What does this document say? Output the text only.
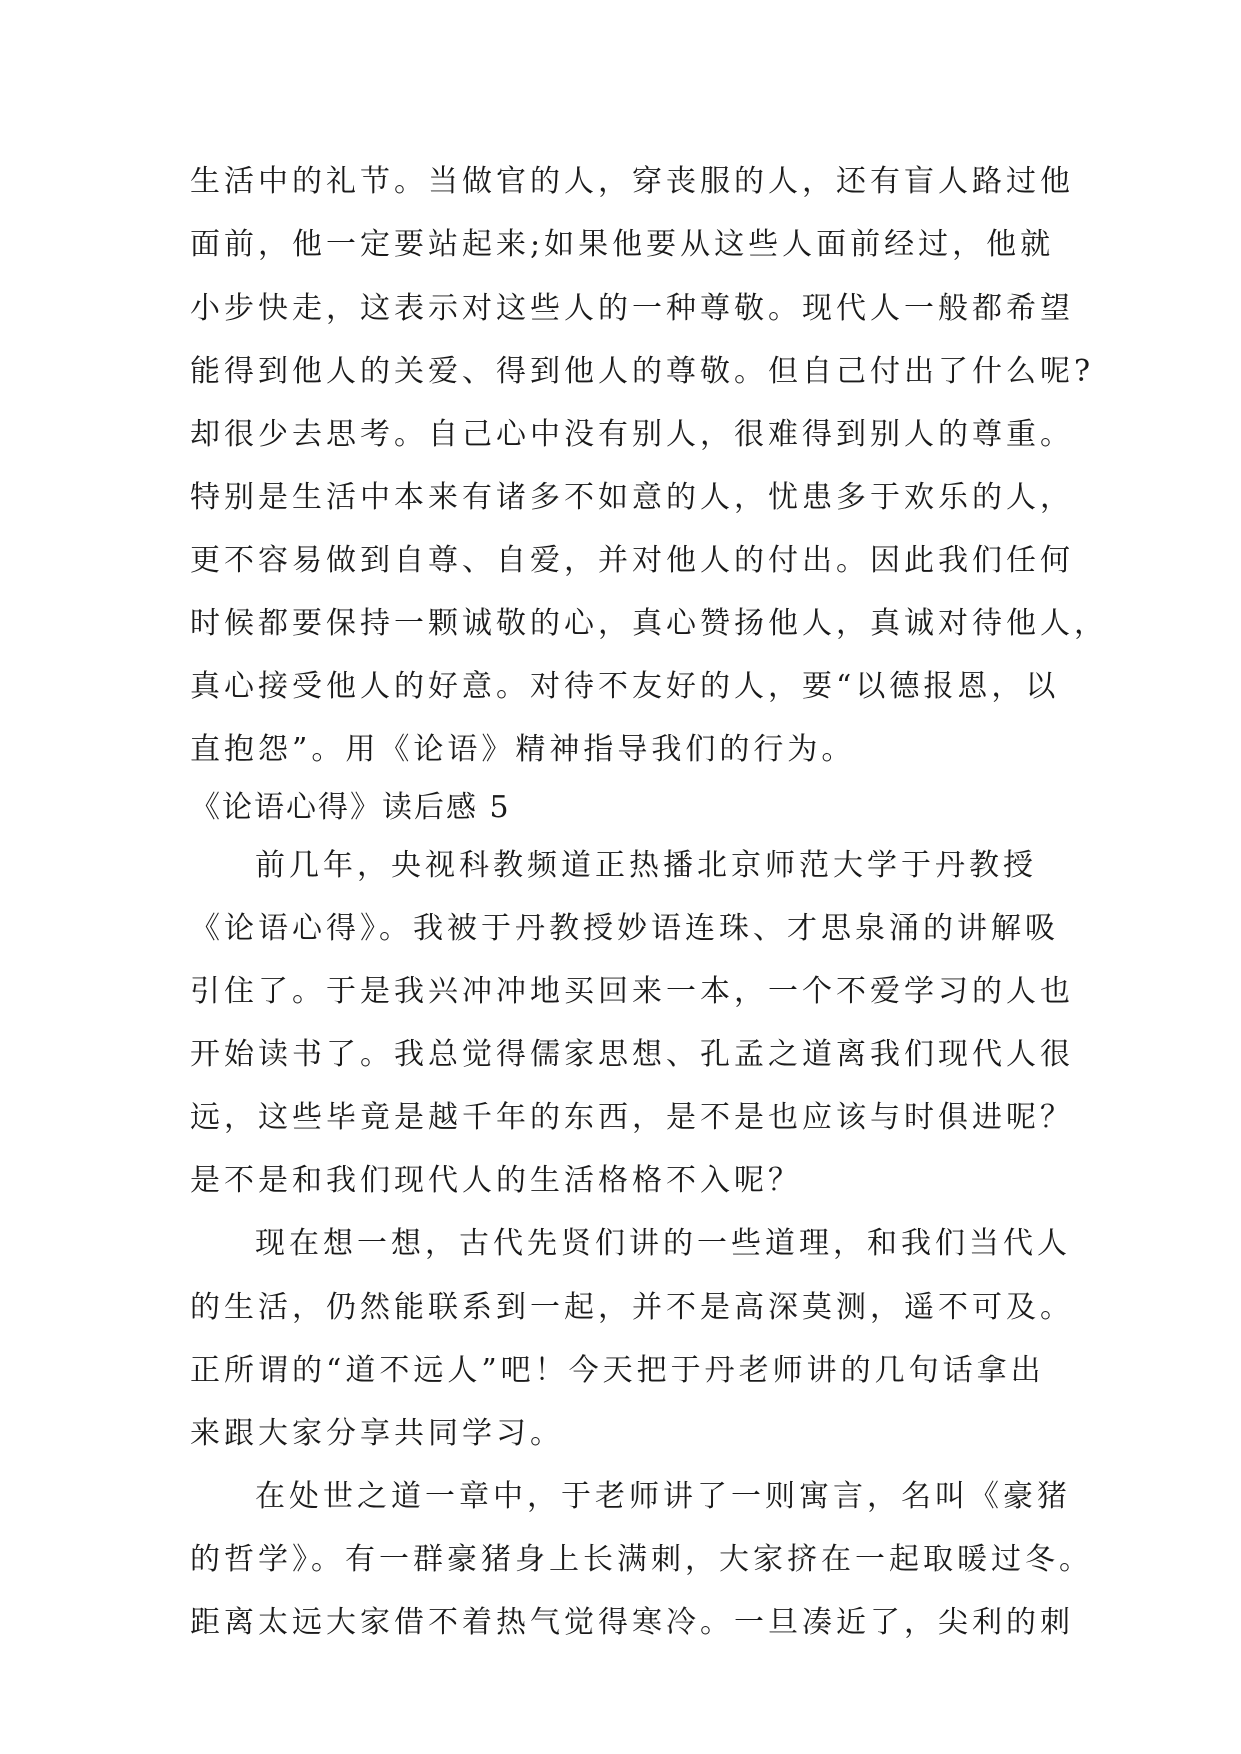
生活中的礼节。当做官的人，穿丧服的人，还有盲人路过他
面前，他一定要站起来;如果他要从这些人面前经过，他就
小步快走，这表示对这些人的一种尊敬。现代人一般都希望
能得到他人的关爱、得到他人的尊敬。但自己付出了什么呢?
却很少去思考。自己心中没有别人，很难得到别人的尊重。
特别是生活中本来有诸多不如意的人，忧患多于欢乐的人，
更不容易做到自尊、自爱，并对他人的付出。因此我们任何
时候都要保持一颗诚敬的心，真心赞扬他人，真诚对待他人，
真心接受他人的好意。对待不友好的人，要“以德报恩，以
直抱怨”。用《论语》精神指导我们的行为。
《论语心得》读后感 5
前几年，央视科教频道正热播北京师范大学于丹教授
《论语心得》。我被于丹教授妙语连珠、才思泉涌的讲解吸
引住了。于是我兴冲冲地买回来一本，一个不爱学习的人也
开始读书了。我总觉得儒家思想、孔孟之道离我们现代人很
远，这些毕竟是越千年的东西，是不是也应该与时俱进呢？
是不是和我们现代人的生活格格不入呢？
现在想一想，古代先贤们讲的一些道理，和我们当代人
的生活，仍然能联系到一起，并不是高深莫测，遥不可及。
正所谓的“道不远人”吧！今天把于丹老师讲的几句话拿出
来跟大家分享共同学习。
在处世之道一章中，于老师讲了一则寓言，名叫《豪猪
的哲学》。有一群豪猪身上长满刺，大家挤在一起取暖过冬。
距离太远大家借不着热气觉得寒冷。一旦凑近了，尖利的刺
